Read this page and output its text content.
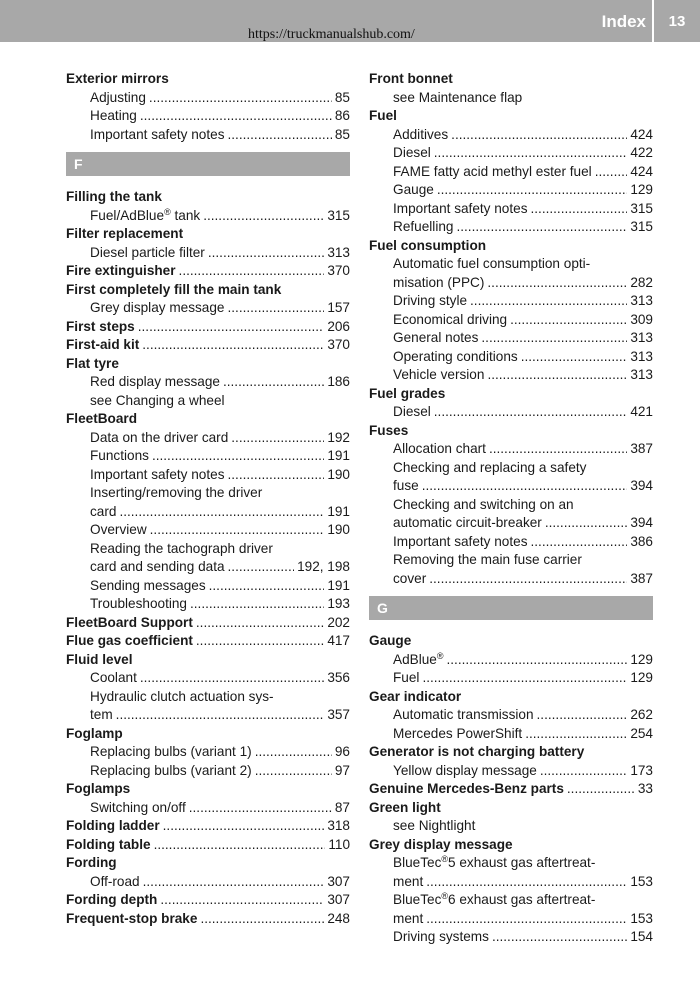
Index	13
https://truckmanualshub.com/
Exterior mirrors
Adjusting .....	85
Heating .....	86
Important safety notes .....	85
F
Filling the tank
Fuel/AdBlue® tank .....	315
Filter replacement
Diesel particle filter .....	313
Fire extinguisher .....	370
First completely fill the main tank
Grey display message .....	157
First steps .....	206
First-aid kit .....	370
Flat tyre
Red display message .....	186
see Changing a wheel
FleetBoard
Data on the driver card .....	192
Functions .....	191
Important safety notes .....	190
Inserting/removing the driver
card .....	191
Overview .....	190
Reading the tachograph driver
card and sending data .....	192, 198
Sending messages .....	191
Troubleshooting .....	193
FleetBoard Support .....	202
Flue gas coefficient .....	417
Fluid level
Coolant .....	356
Hydraulic clutch actuation sys-
tem .....	357
Foglamp
Replacing bulbs (variant 1) .....	96
Replacing bulbs (variant 2) .....	97
Foglamps
Switching on/off .....	87
Folding ladder .....	318
Folding table .....	110
Fording
Off-road .....	307
Fording depth .....	307
Frequent-stop brake .....	248
Front bonnet
see Maintenance flap
Fuel
Additives .....	424
Diesel .....	422
FAME fatty acid methyl ester fuel .....	424
Gauge .....	129
Important safety notes .....	315
Refuelling .....	315
Fuel consumption
Automatic fuel consumption opti-
misation (PPC) .....	282
Driving style .....	313
Economical driving .....	309
General notes .....	313
Operating conditions .....	313
Vehicle version .....	313
Fuel grades
Diesel .....	421
Fuses
Allocation chart .....	387
Checking and replacing a safety
fuse .....	394
Checking and switching on an
automatic circuit-breaker .....	394
Important safety notes .....	386
Removing the main fuse carrier
cover .....	387
G
Gauge
AdBlue® .....	129
Fuel .....	129
Gear indicator
Automatic transmission .....	262
Mercedes PowerShift .....	254
Generator is not charging battery
Yellow display message .....	173
Genuine Mercedes-Benz parts .....	33
Green light
see Nightlight
Grey display message
BlueTec®5 exhaust gas aftertreat-
ment .....	153
BlueTec®6 exhaust gas aftertreat-
ment .....	153
Driving systems .....	154
